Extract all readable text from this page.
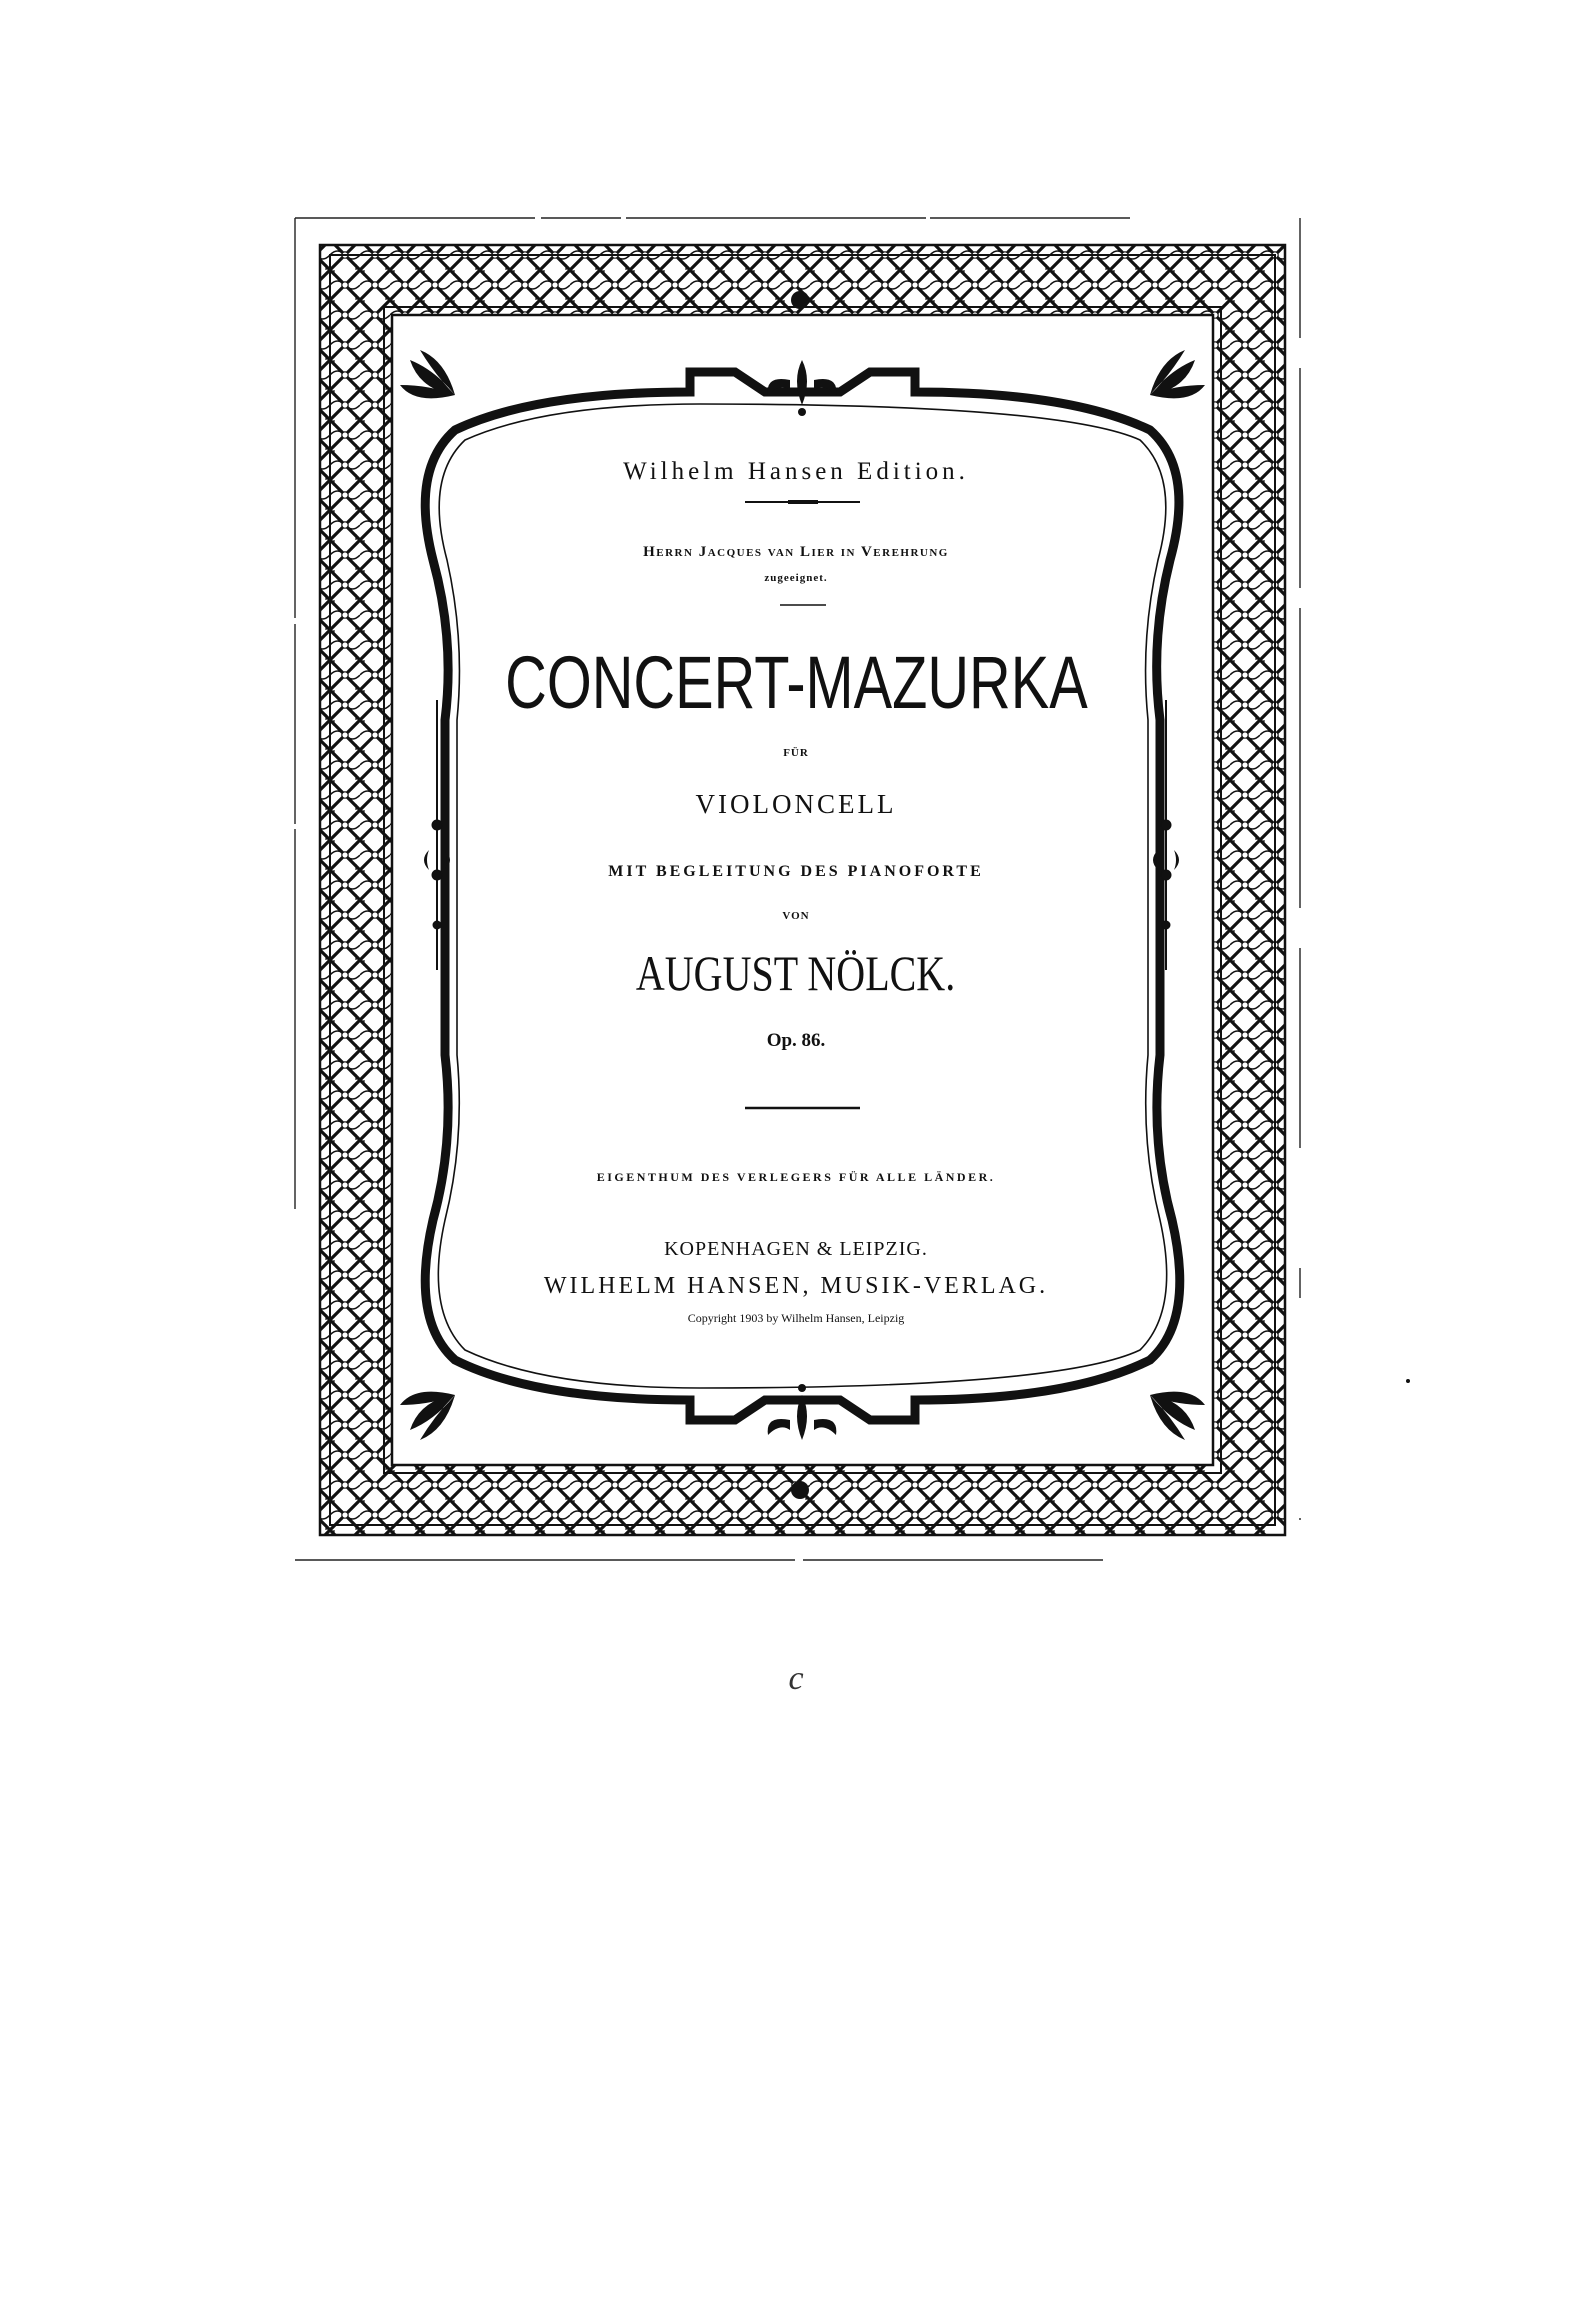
Wilhelm Hansen Edition.
Herrn Jacques van Lier in Verehrung
zugeeignet.
CONCERT-MAZURKA
FÜR
VIOLONCELL
MIT BEGLEITUNG DES PIANOFORTE
VON
AUGUST NÖLCK.
Op. 86.
EIGENTHUM DES VERLEGERS FÜR ALLE LÄNDER.
KOPENHAGEN & LEIPZIG.
WILHELM HANSEN, MUSIK-VERLAG.
Copyright 1903 by Wilhelm Hansen, Leipzig
c
